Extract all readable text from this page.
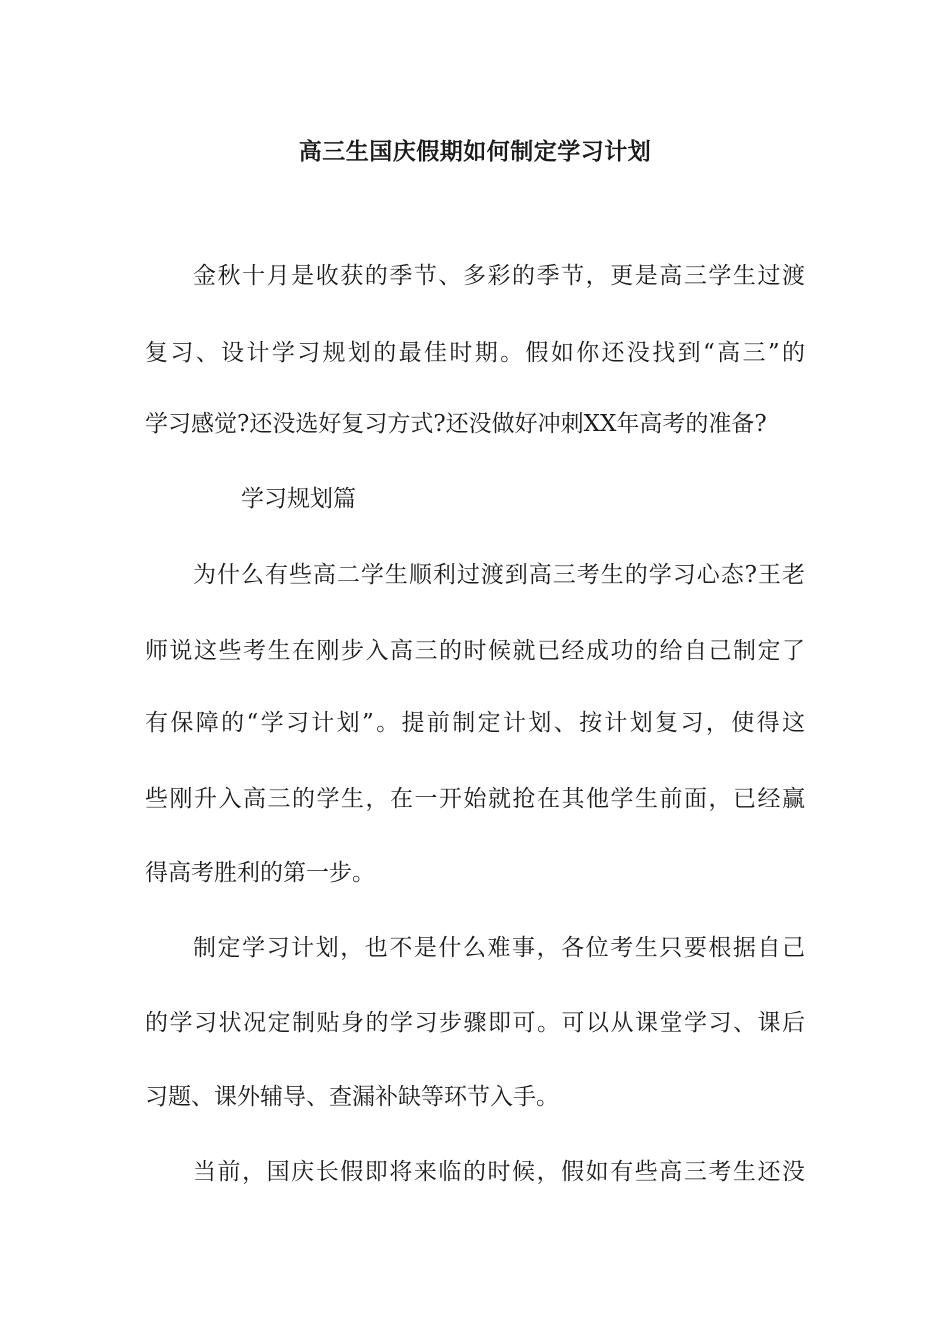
高三生国庆假期如何制定学习计划

金秋十月是收获的季节、多彩的季节，更是高三学生过渡

复习、设计学习规划的最佳时期。假如你还没找到“高三”的

学习感觉?还没选好复习方式?还没做好冲刺XX年高考的准备?

学习规划篇

为什么有些高二学生顺利过渡到高三考生的学习心态?王老

师说这些考生在刚步入高三的时候就已经成功的给自己制定了

有保障的“学习计划”。提前制定计划、按计划复习，使得这

些刚升入高三的学生，在一开始就抢在其他学生前面，已经赢

得高考胜利的第一步。

制定学习计划，也不是什么难事，各位考生只要根据自己

的学习状况定制贴身的学习步骤即可。可以从课堂学习、课后

习题、课外辅导、查漏补缺等环节入手。

当前，国庆长假即将来临的时候，假如有些高三考生还没
